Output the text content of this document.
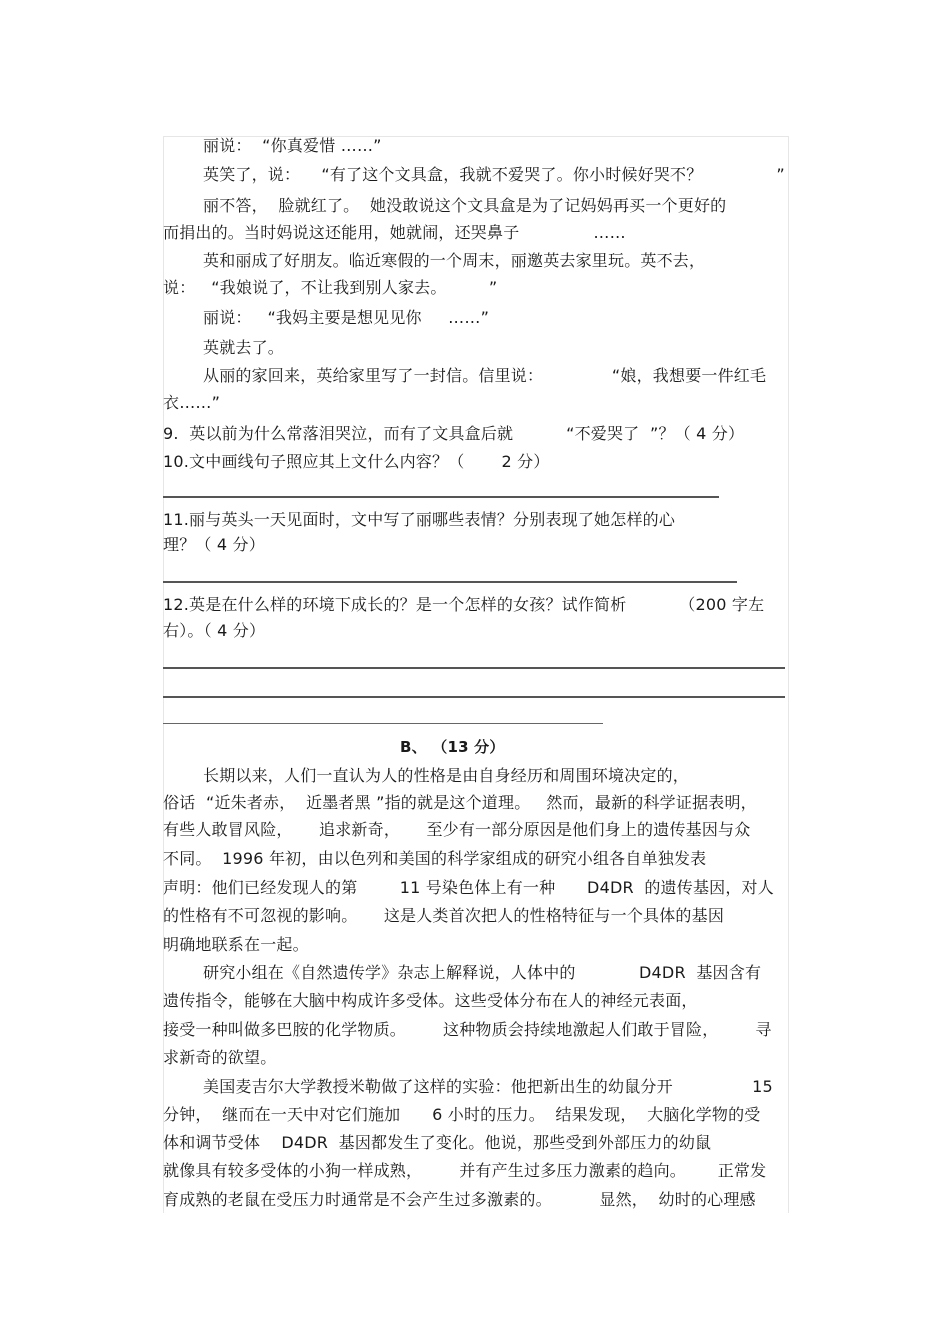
丽说：  “你真爱惜 ……”
英笑了，说：    “有了这个文具盒，我就不爱哭了。你小时候好哭不？              ”
丽不答，  脸就红了。  她没敢说这个文具盒是为了记妈妈再买一个更好的
而捐出的。当时妈说这还能用，她就闹，还哭鼻子              ……
英和丽成了好朋友。临近寒假的一个周末，丽邀英去家里玩。英不去，
说：   “我娘说了，不让我到别人家去。        ”
丽说：   “我妈主要是想见见你     ……”
英就去了。
从丽的家回来，英给家里写了一封信。信里说：             “娘，我想要一件红毛
衣……”
9.  英以前为什么常落泪哭泣，而有了文具盒后就          “不爱哭了  ”？（ 4 分）
10.文中画线句子照应其上文什么内容？（       2 分）
11.丽与英头一天见面时，文中写了丽哪些表情？分别表现了她怎样的心
理？（ 4 分）
12.英是在什么样的环境下成长的？是一个怎样的女孩？试作简析          （200 字左
右）。（ 4 分）
B、 （13 分）
长期以来，人们一直认为人的性格是由自身经历和周围环境决定的，
俗话  “近朱者赤，  近墨者黑 ”指的就是这个道理。   然而，最新的科学证据表明，
有些人敢冒风险，     追求新奇，     至少有一部分原因是他们身上的遗传基因与众
不同。  1996 年初，由以色列和美国的科学家组成的研究小组各自单独发表
声明：他们已经发现人的第        11 号染色体上有一种      D4DR  的遗传基因，对人
的性格有不可忽视的影响。     这是人类首次把人的性格特征与一个具体的基因
明确地联系在一起。
研究小组在《自然遗传学》杂志上解释说，人体中的            D4DR  基因含有
遗传指令，能够在大脑中构成许多受体。这些受体分布在人的神经元表面，
接受一种叫做多巴胺的化学物质。       这种物质会持续地激起人们敢于冒险，       寻
求新奇的欲望。
美国麦吉尔大学教授米勒做了这样的实验：他把新出生的幼鼠分开               15
分钟，  继而在一天中对它们施加      6 小时的压力。  结果发现，  大脑化学物的受
体和调节受体    D4DR  基因都发生了变化。他说，那些受到外部压力的幼鼠
就像具有较多受体的小狗一样成熟，       并有产生过多压力激素的趋向。      正常发
育成熟的老鼠在受压力时通常是不会产生过多激素的。         显然，  幼时的心理感
